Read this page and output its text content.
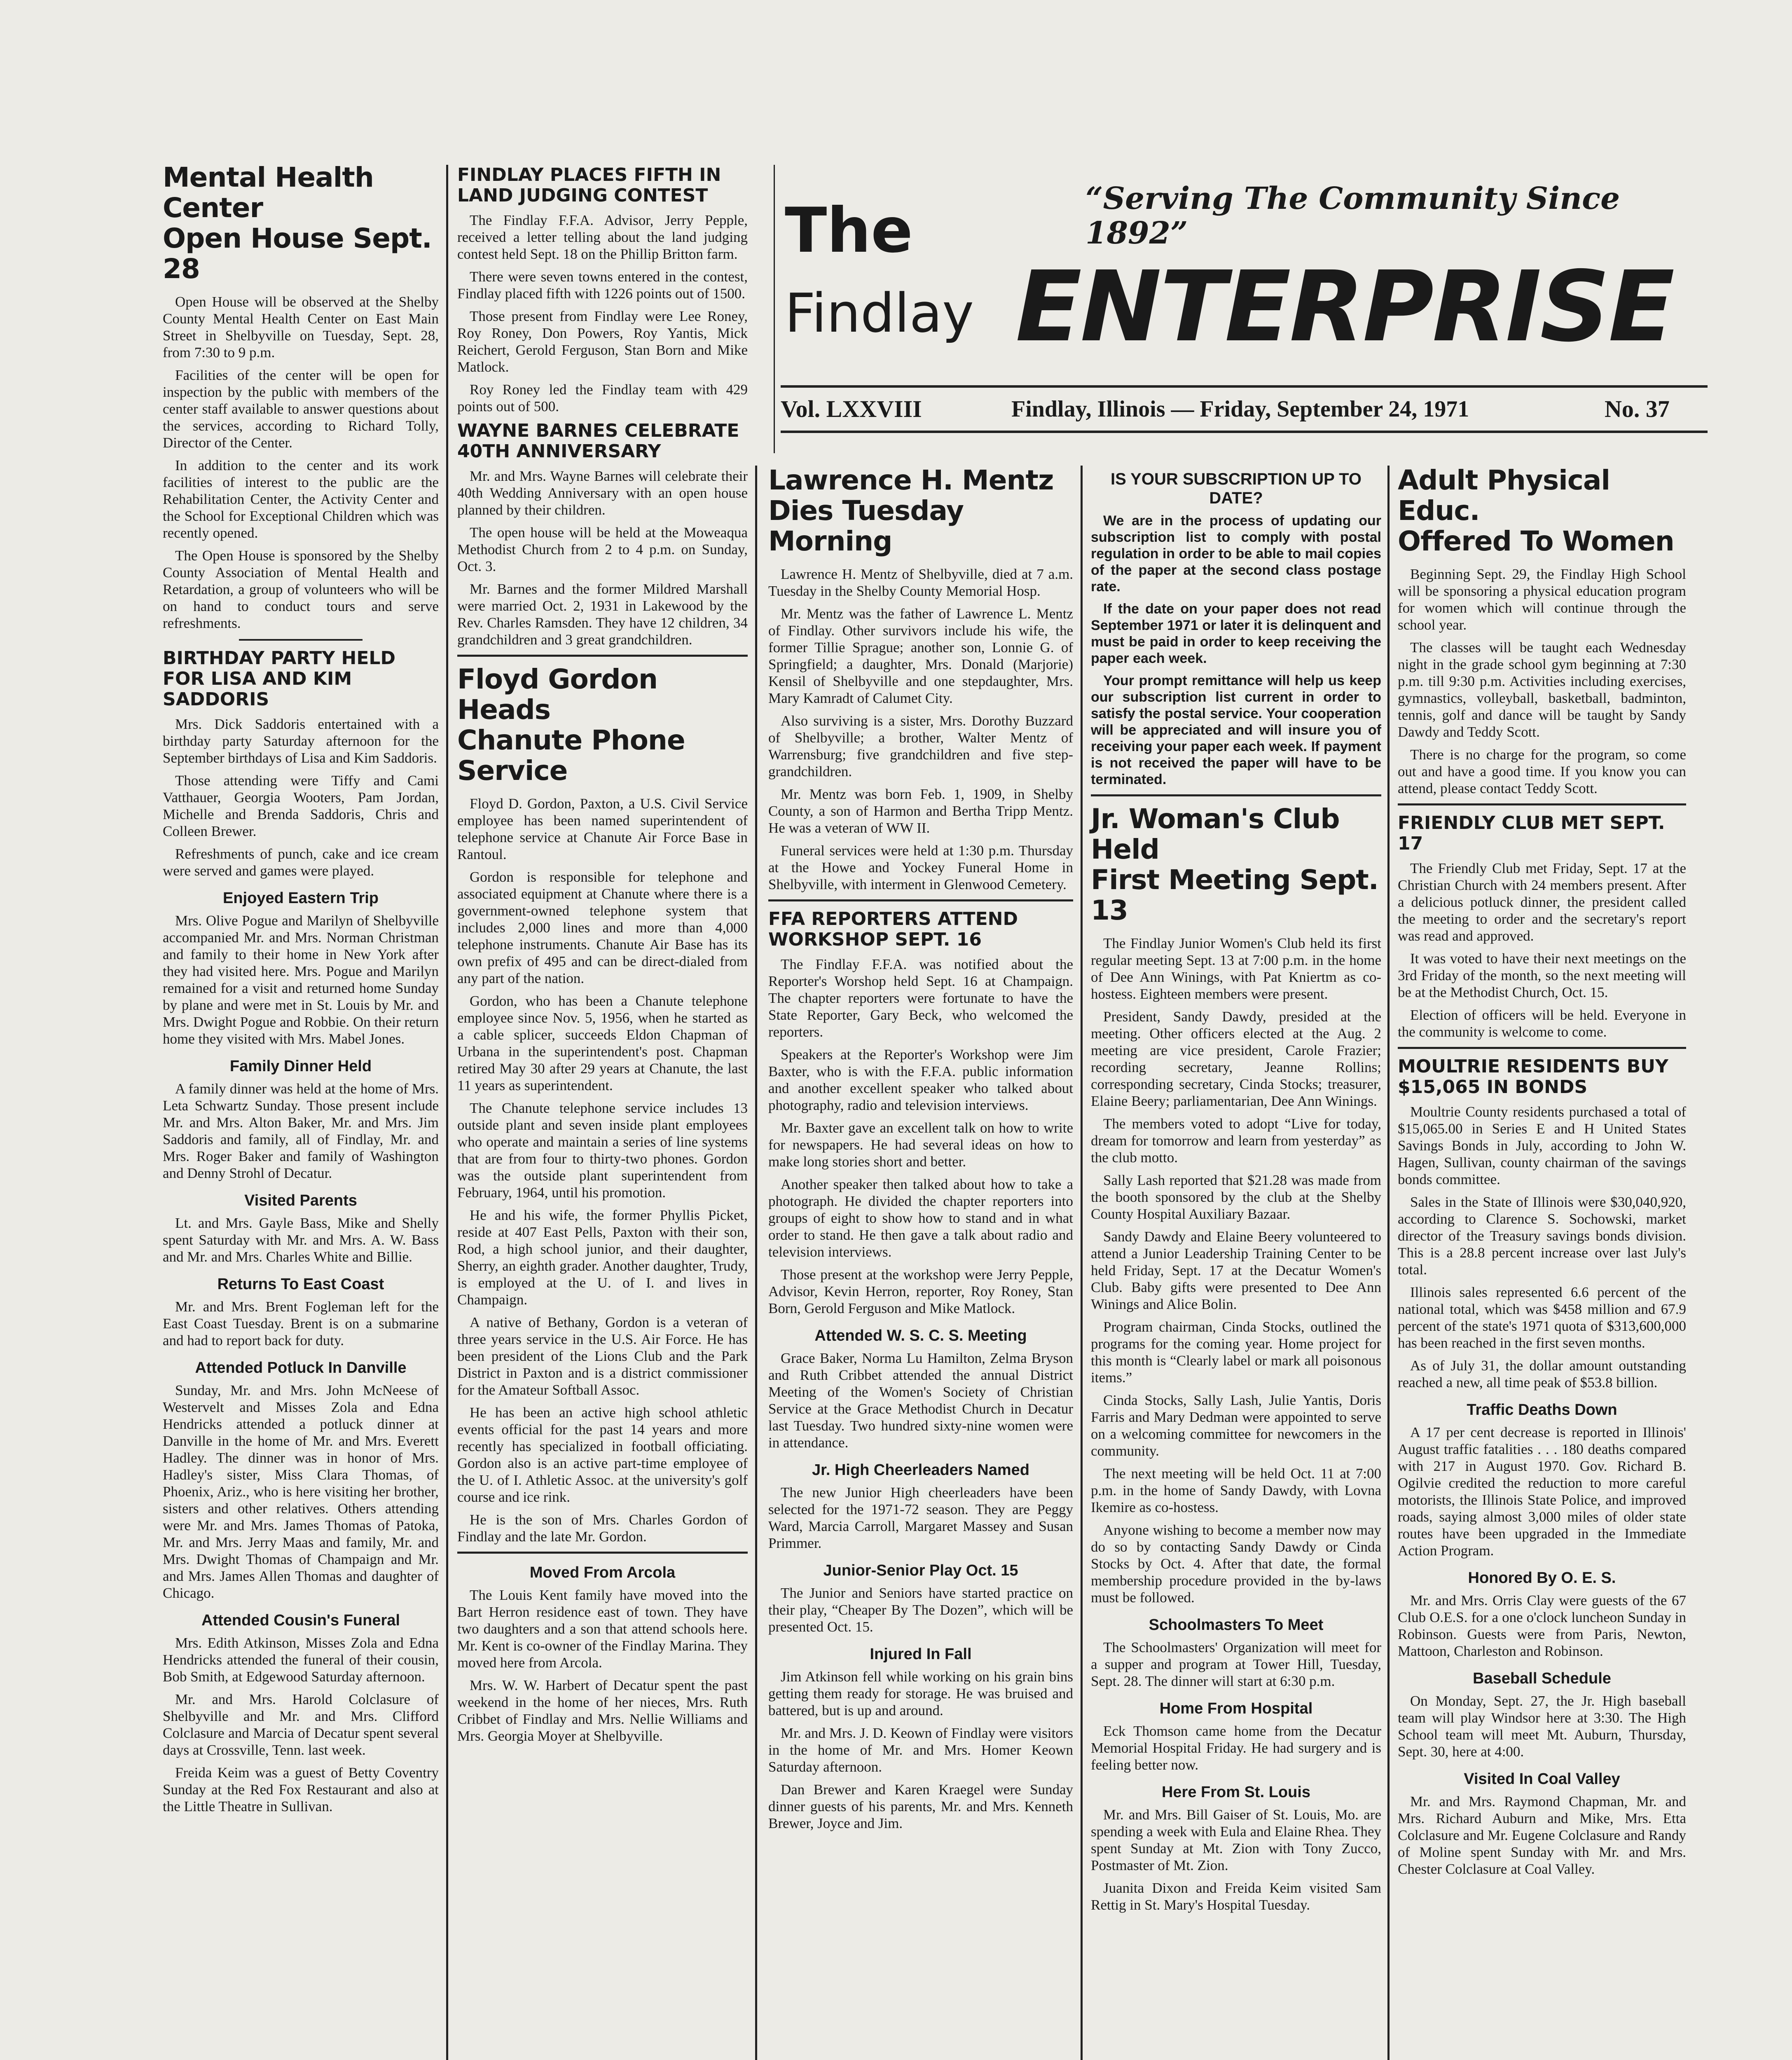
“Serving The Community Since 1892”
The
Findlay ENTERPRISE
Vol. LXXVIII	Findlay, Illinois — Friday, September 24, 1971	No. 37
Mental Health Center
Open House Sept. 28

Open House will be observed at the Shelby County Mental Health Center on East Main Street in Shelbyville on Tuesday, Sept. 28, from 7:30 to 9 p.m.

Facilities of the center will be open for inspection by the public with members of the center staff available to answer questions about the services, according to Richard Tolly, Director of the Center.

In addition to the center and its work facilities of interest to the public are the Rehabilitation Center, the Activity Center and the School for Exceptional Children which was recently opened.

The Open House is sponsored by the Shelby County Association of Mental Health and Retardation, a group of volunteers who will be on hand to conduct tours and serve refreshments.

BIRTHDAY PARTY HELD FOR LISA AND KIM SADDORIS

Mrs. Dick Saddoris entertained with a birthday party Saturday afternoon for the September birthdays of Lisa and Kim Saddoris.

Those attending were Tiffy and Cami Vatthauer, Georgia Wooters, Pam Jordan, Michelle and Brenda Saddoris, Chris and Colleen Brewer.

Refreshments of punch, cake and ice cream were served and games were played.

Enjoyed Eastern Trip

Mrs. Olive Pogue and Marilyn of Shelbyville accompanied Mr. and Mrs. Norman Christman and family to their home in New York after they had visited here. Mrs. Pogue and Marilyn remained for a visit and returned home Sunday by plane and were met in St. Louis by Mr. and Mrs. Dwight Pogue and Robbie. On their return home they visited with Mrs. Mabel Jones.

Family Dinner Held

A family dinner was held at the home of Mrs. Leta Schwartz Sunday. Those present include Mr. and Mrs. Alton Baker, Mr. and Mrs. Jim Saddoris and family, all of Findlay, Mr. and Mrs. Roger Baker and family of Washington and Denny Strohl of Decatur.

Visited Parents

Lt. and Mrs. Gayle Bass, Mike and Shelly spent Saturday with Mr. and Mrs. A. W. Bass and Mr. and Mrs. Charles White and Billie.

Returns To East Coast

Mr. and Mrs. Brent Fogleman left for the East Coast Tuesday. Brent is on a submarine and had to report back for duty.

Attended Potluck In Danville

Sunday, Mr. and Mrs. John McNeese of Westervelt and Misses Zola and Edna Hendricks attended a potluck dinner at Danville in the home of Mr. and Mrs. Everett Hadley. The dinner was in honor of Mrs. Hadley's sister, Miss Clara Thomas, of Phoenix, Ariz., who is here visiting her brother, sisters and other relatives. Others attending were Mr. and Mrs. James Thomas of Patoka, Mr. and Mrs. Jerry Maas and family, Mr. and Mrs. Dwight Thomas of Champaign and Mr. and Mrs. James Allen Thomas and daughter of Chicago.

Attended Cousin's Funeral

Mrs. Edith Atkinson, Misses Zola and Edna Hendricks attended the funeral of their cousin, Bob Smith, at Edgewood Saturday afternoon.

Mr. and Mrs. Harold Colclasure of Shelbyville and Mr. and Mrs. Clifford Colclasure and Marcia of Decatur spent several days at Crossville, Tenn. last week.

Freida Keim was a guest of Betty Coventry Sunday at the Red Fox Restaurant and also at the Little Theatre in Sullivan.

FINDLAY PLACES FIFTH IN LAND JUDGING CONTEST

The Findlay F.F.A. Advisor, Jerry Pepple, received a letter telling about the land judging contest held Sept. 18 on the Phillip Britton farm.

There were seven towns entered in the contest, Findlay placed fifth with 1226 points out of 1500.

Those present from Findlay were Lee Roney, Roy Roney, Don Powers, Roy Yantis, Mick Reichert, Gerold Ferguson, Stan Born and Mike Matlock.

Roy Roney led the Findlay team with 429 points out of 500.

WAYNE BARNES CELEBRATE 40TH ANNIVERSARY

Mr. and Mrs. Wayne Barnes will celebrate their 40th Wedding Anniversary with an open house planned by their children.

The open house will be held at the Moweaqua Methodist Church from 2 to 4 p.m. on Sunday, Oct. 3.

Mr. Barnes and the former Mildred Marshall were married Oct. 2, 1931 in Lakewood by the Rev. Charles Ramsden. They have 12 children, 34 grandchildren and 3 great grandchildren.

Floyd Gordon Heads
Chanute Phone Service

Floyd D. Gordon, Paxton, a U.S. Civil Service employee has been named superintendent of telephone service at Chanute Air Force Base in Rantoul.

Gordon is responsible for telephone and associated equipment at Chanute where there is a government-owned telephone system that includes 2,000 lines and more than 4,000 telephone instruments. Chanute Air Base has its own prefix of 495 and can be direct-dialed from any part of the nation.

Gordon, who has been a Chanute telephone employee since Nov. 5, 1956, when he started as a cable splicer, succeeds Eldon Chapman of Urbana in the superintendent's post. Chapman retired May 30 after 29 years at Chanute, the last 11 years as superintendent.

The Chanute telephone service includes 13 outside plant and seven inside plant employees who operate and maintain a series of line systems that are from four to thirty-two phones. Gordon was the outside plant superintendent from February, 1964, until his promotion.

He and his wife, the former Phyllis Picket, reside at 407 East Pells, Paxton with their son, Rod, a high school junior, and their daughter, Sherry, an eighth grader. Another daughter, Trudy, is employed at the U. of I. and lives in Champaign.

A native of Bethany, Gordon is a veteran of three years service in the U.S. Air Force. He has been president of the Lions Club and the Park District in Paxton and is a district commissioner for the Amateur Softball Assoc.

He has been an active high school athletic events official for the past 14 years and more recently has specialized in football officiating. Gordon also is an active part-time employee of the U. of I. Athletic Assoc. at the university's golf course and ice rink.

He is the son of Mrs. Charles Gordon of Findlay and the late Mr. Gordon.

Moved From Arcola

The Louis Kent family have moved into the Bart Herron residence east of town. They have two daughters and a son that attend schools here. Mr. Kent is co-owner of the Findlay Marina. They moved here from Arcola.

Mrs. W. W. Harbert of Decatur spent the past weekend in the home of her nieces, Mrs. Ruth Cribbet of Findlay and Mrs. Nellie Williams and Mrs. Georgia Moyer at Shelbyville.

Lawrence H. Mentz
Dies Tuesday Morning

Lawrence H. Mentz of Shelbyville, died at 7 a.m. Tuesday in the Shelby County Memorial Hosp.

Mr. Mentz was the father of Lawrence L. Mentz of Findlay. Other survivors include his wife, the former Tillie Sprague; another son, Lonnie G. of Springfield; a daughter, Mrs. Donald (Marjorie) Kensil of Shelbyville and one stepdaughter, Mrs. Mary Kamradt of Calumet City.

Also surviving is a sister, Mrs. Dorothy Buzzard of Shelbyville; a brother, Walter Mentz of Warrensburg; five grandchildren and five step-grandchildren.

Mr. Mentz was born Feb. 1, 1909, in Shelby County, a son of Harmon and Bertha Tripp Mentz. He was a veteran of WW II.

Funeral services were held at 1:30 p.m. Thursday at the Howe and Yockey Funeral Home in Shelbyville, with interment in Glenwood Cemetery.

FFA REPORTERS ATTEND WORKSHOP SEPT. 16

The Findlay F.F.A. was notified about the Reporter's Worshop held Sept. 16 at Champaign. The chapter reporters were fortunate to have the State Reporter, Gary Beck, who welcomed the reporters.

Speakers at the Reporter's Workshop were Jim Baxter, who is with the F.F.A. public information and another excellent speaker who talked about photography, radio and television interviews.

Mr. Baxter gave an excellent talk on how to write for newspapers. He had several ideas on how to make long stories short and better.

Another speaker then talked about how to take a photograph. He divided the chapter reporters into groups of eight to show how to stand and in what order to stand. He then gave a talk about radio and television interviews.

Those present at the workshop were Jerry Pepple, Advisor, Kevin Herron, reporter, Roy Roney, Stan Born, Gerold Ferguson and Mike Matlock.

Attended W. S. C. S. Meeting

Grace Baker, Norma Lu Hamilton, Zelma Bryson and Ruth Cribbet attended the annual District Meeting of the Women's Society of Christian Service at the Grace Methodist Church in Decatur last Tuesday. Two hundred sixty-nine women were in attendance.

Jr. High Cheerleaders Named

The new Junior High cheerleaders have been selected for the 1971-72 season. They are Peggy Ward, Marcia Carroll, Margaret Massey and Susan Primmer.

Junior-Senior Play Oct. 15

The Junior and Seniors have started practice on their play, “Cheaper By The Dozen”, which will be presented Oct. 15.

Injured In Fall

Jim Atkinson fell while working on his grain bins getting them ready for storage. He was bruised and battered, but is up and around.

Mr. and Mrs. J. D. Keown of Findlay were visitors in the home of Mr. and Mrs. Homer Keown Saturday afternoon.

Dan Brewer and Karen Kraegel were Sunday dinner guests of his parents, Mr. and Mrs. Kenneth Brewer, Joyce and Jim.

IS YOUR SUBSCRIPTION UP TO DATE?

We are in the process of updating our subscription list to comply with postal regulation in order to be able to mail copies of the paper at the second class postage rate.

If the date on your paper does not read September 1971 or later it is delinquent and must be paid in order to keep receiving the paper each week.

Your prompt remittance will help us keep our subscription list current in order to satisfy the postal service. Your cooperation will be appreciated and will insure you of receiving your paper each week. If payment is not received the paper will have to be terminated.

Jr. Woman's Club Held
First Meeting Sept. 13

The Findlay Junior Women's Club held its first regular meeting Sept. 13 at 7:00 p.m. in the home of Dee Ann Winings, with Pat Kniertm as co-hostess. Eighteen members were present.

President, Sandy Dawdy, presided at the meeting. Other officers elected at the Aug. 2 meeting are vice president, Carole Frazier; recording secretary, Jeanne Rollins; corresponding secretary, Cinda Stocks; treasurer, Elaine Beery; parliamentarian, Dee Ann Winings.

The members voted to adopt “Live for today, dream for tomorrow and learn from yesterday” as the club motto.

Sally Lash reported that $21.28 was made from the booth sponsored by the club at the Shelby County Hospital Auxiliary Bazaar.

Sandy Dawdy and Elaine Beery volunteered to attend a Junior Leadership Training Center to be held Friday, Sept. 17 at the Decatur Women's Club. Baby gifts were presented to Dee Ann Winings and Alice Bolin.

Program chairman, Cinda Stocks, outlined the programs for the coming year. Home project for this month is “Clearly label or mark all poisonous items.”

Cinda Stocks, Sally Lash, Julie Yantis, Doris Farris and Mary Dedman were appointed to serve on a welcoming committee for newcomers in the community.

The next meeting will be held Oct. 11 at 7:00 p.m. in the home of Sandy Dawdy, with Lovna Ikemire as co-hostess.

Anyone wishing to become a member now may do so by contacting Sandy Dawdy or Cinda Stocks by Oct. 4. After that date, the formal membership procedure provided in the by-laws must be followed.

Schoolmasters To Meet

The Schoolmasters' Organization will meet for a supper and program at Tower Hill, Tuesday, Sept. 28. The dinner will start at 6:30 p.m.

Home From Hospital

Eck Thomson came home from the Decatur Memorial Hospital Friday. He had surgery and is feeling better now.

Here From St. Louis

Mr. and Mrs. Bill Gaiser of St. Louis, Mo. are spending a week with Eula and Elaine Rhea. They spent Sunday at Mt. Zion with Tony Zucco, Postmaster of Mt. Zion.

Juanita Dixon and Freida Keim visited Sam Rettig in St. Mary's Hospital Tuesday.

Adult Physical Educ.
Offered To Women

Beginning Sept. 29, the Findlay High School will be sponsoring a physical education program for women which will continue through the school year.

The classes will be taught each Wednesday night in the grade school gym beginning at 7:30 p.m. till 9:30 p.m. Activities including exercises, gymnastics, volleyball, basketball, badminton, tennis, golf and dance will be taught by Sandy Dawdy and Teddy Scott.

There is no charge for the program, so come out and have a good time. If you know you can attend, please contact Teddy Scott.

FRIENDLY CLUB MET SEPT. 17

The Friendly Club met Friday, Sept. 17 at the Christian Church with 24 members present. After a delicious potluck dinner, the president called the meeting to order and the secretary's report was read and approved.

It was voted to have their next meetings on the 3rd Friday of the month, so the next meeting will be at the Methodist Church, Oct. 15.

Election of officers will be held. Everyone in the community is welcome to come.

MOULTRIE RESIDENTS BUY $15,065 IN BONDS

Moultrie County residents purchased a total of $15,065.00 in Series E and H United States Savings Bonds in July, according to John W. Hagen, Sullivan, county chairman of the savings bonds committee.

Sales in the State of Illinois were $30,040,920, according to Clarence S. Sochowski, market director of the Treasury savings bonds division. This is a 28.8 percent increase over last July's total.

Illinois sales represented 6.6 percent of the national total, which was $458 million and 67.9 percent of the state's 1971 quota of $313,600,000 has been reached in the first seven months.

As of July 31, the dollar amount outstanding reached a new, all time peak of $53.8 billion.

Traffic Deaths Down

A 17 per cent decrease is reported in Illinois' August traffic fatalities . . . 180 deaths compared with 217 in August 1970. Gov. Richard B. Ogilvie credited the reduction to more careful motorists, the Illinois State Police, and improved roads, saying almost 3,000 miles of older state routes have been upgraded in the Immediate Action Program.

Honored By O. E. S.

Mr. and Mrs. Orris Clay were guests of the 67 Club O.E.S. for a one o'clock luncheon Sunday in Robinson. Guests were from Paris, Newton, Mattoon, Charleston and Robinson.

Baseball Schedule

On Monday, Sept. 27, the Jr. High baseball team will play Windsor here at 3:30. The High School team will meet Mt. Auburn, Thursday, Sept. 30, here at 4:00.

Visited In Coal Valley

Mr. and Mrs. Raymond Chapman, Mr. and Mrs. Richard Auburn and Mike, Mrs. Etta Colclasure and Mr. Eugene Colclasure and Randy of Moline spent Sunday with Mr. and Mrs. Chester Colclasure at Coal Valley.
